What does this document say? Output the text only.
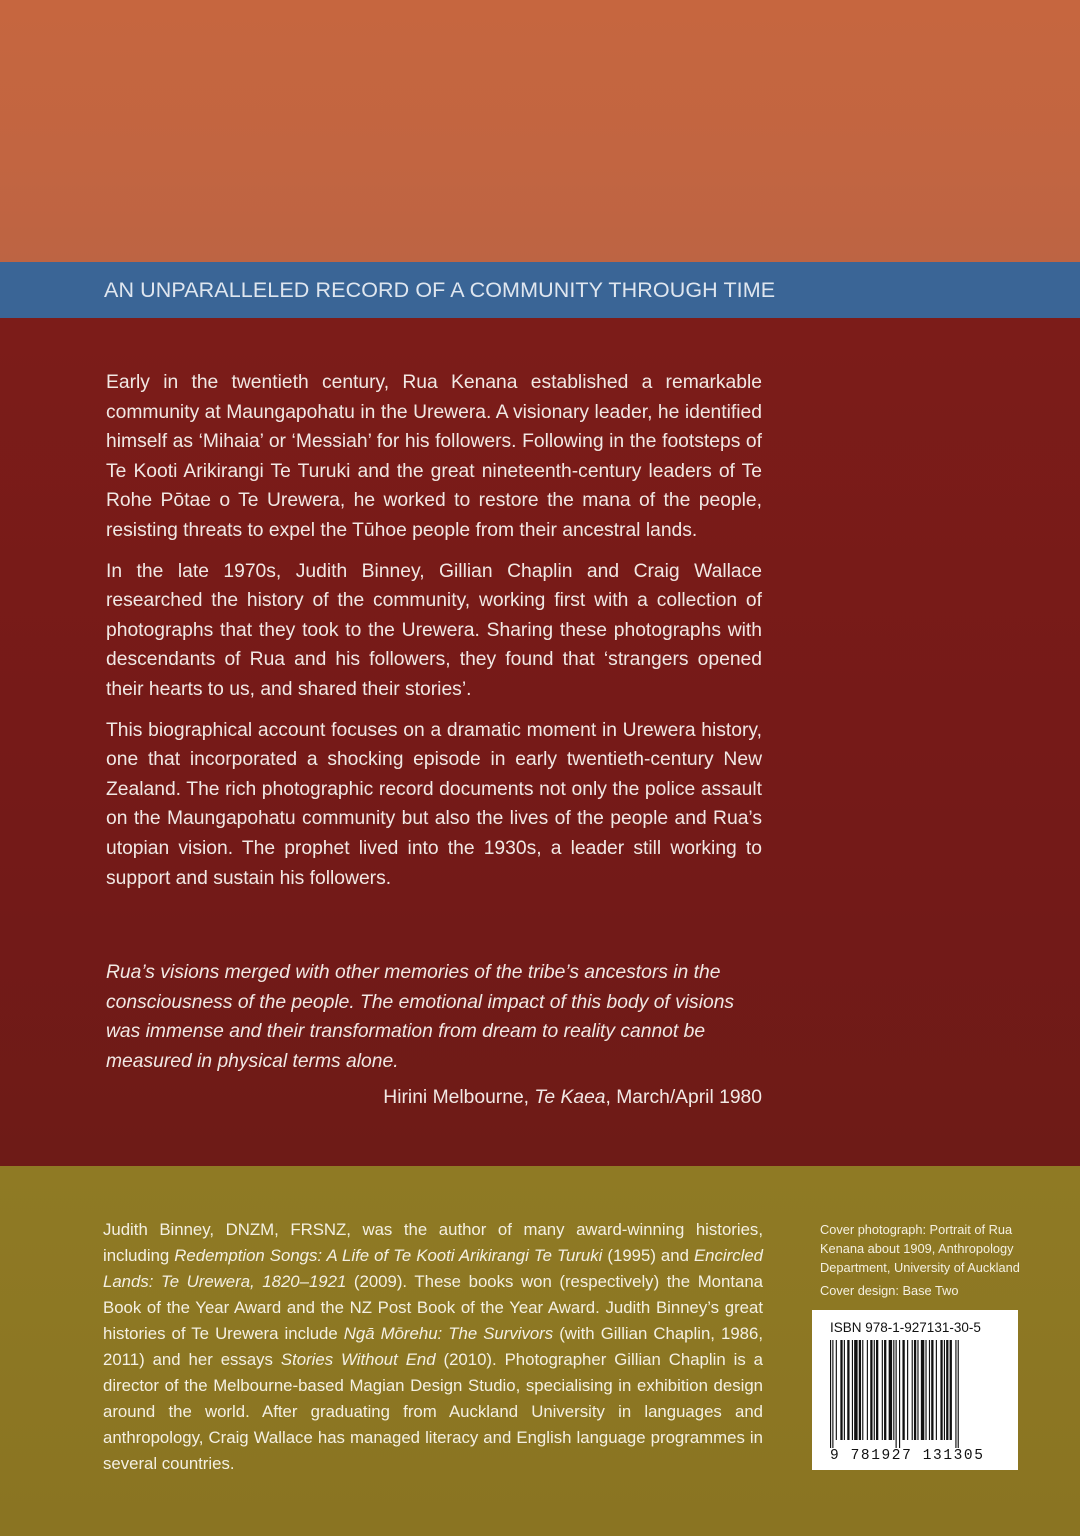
AN UNPARALLELED RECORD OF A COMMUNITY THROUGH TIME

Early in the twentieth century, Rua Kenana established a remarkable community at Maungapohatu in the Urewera. A visionary leader, he identified himself as ‘Mihaia’ or ‘Messiah’ for his followers. Following in the footsteps of Te Kooti Arikirangi Te Turuki and the great nineteenth-century leaders of Te Rohe Pōtae o Te Urewera, he worked to restore the mana of the people, resisting threats to expel the Tūhoe people from their ancestral lands.

In the late 1970s, Judith Binney, Gillian Chaplin and Craig Wallace researched the history of the community, working first with a collection of photographs that they took to the Urewera. Sharing these photographs with descendants of Rua and his followers, they found that ‘strangers opened their hearts to us, and shared their stories’.

This biographical account focuses on a dramatic moment in Urewera history, one that incorporated a shocking episode in early twentieth-century New Zealand. The rich photographic record documents not only the police assault on the Maungapohatu community but also the lives of the people and Rua’s utopian vision. The prophet lived into the 1930s, a leader still working to support and sustain his followers.

Rua’s visions merged with other memories of the tribe’s ancestors in the consciousness of the people. The emotional impact of this body of visions was immense and their transformation from dream to reality cannot be measured in physical terms alone.

Hirini Melbourne, Te Kaea, March/April 1980
Judith Binney, DNZM, FRSNZ, was the author of many award-winning histories, including Redemption Songs: A Life of Te Kooti Arikirangi Te Turuki (1995) and Encircled Lands: Te Urewera, 1820–1921 (2009). These books won (respectively) the Montana Book of the Year Award and the NZ Post Book of the Year Award. Judith Binney’s great histories of Te Urewera include Ngā Mōrehu: The Survivors (with Gillian Chaplin, 1986, 2011) and her essays Stories Without End (2010). Photographer Gillian Chaplin is a director of the Melbourne-based Magian Design Studio, specialising in exhibition design around the world. After graduating from Auckland University in languages and anthropology, Craig Wallace has managed literacy and English language programmes in several countries.
Cover photograph: Portrait of Rua Kenana about 1909, Anthropology Department, University of Auckland
Cover design: Base Two
ISBN 978-1-927131-30-5
9 781927 131305
